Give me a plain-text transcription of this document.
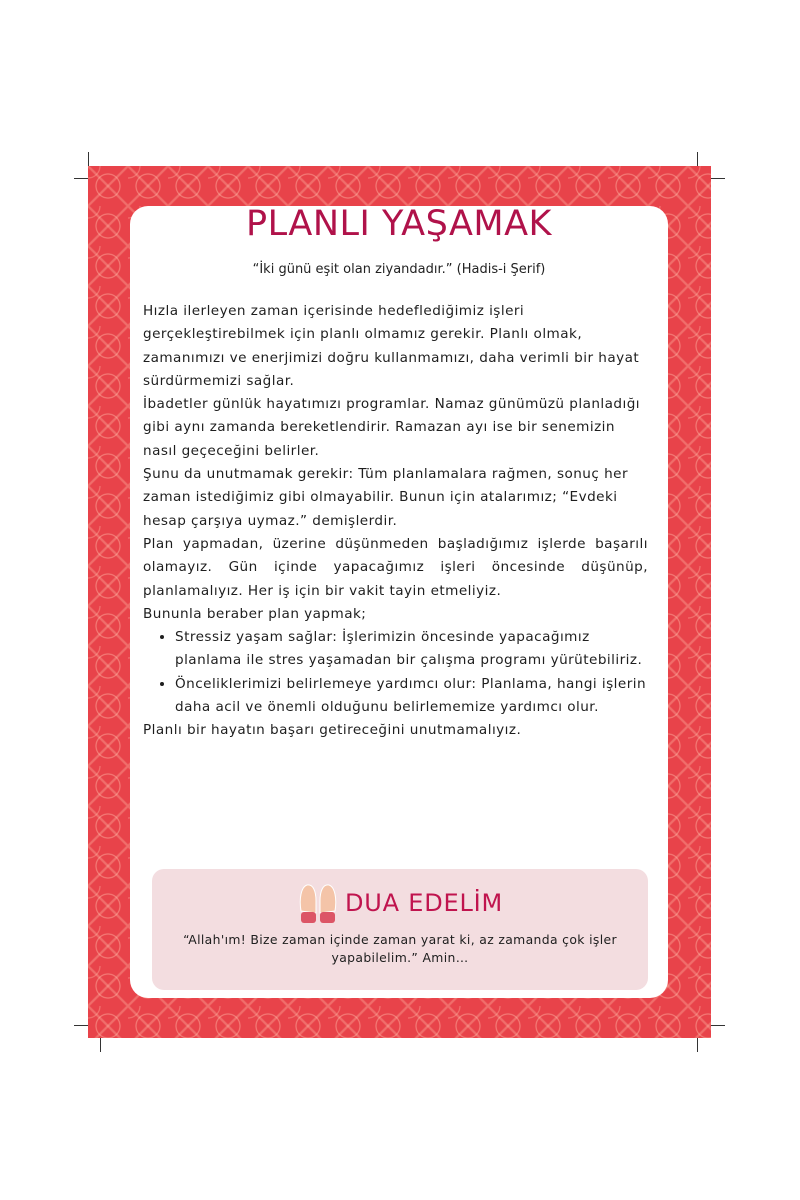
PLANLI YAŞAMAK
“İki günü eşit olan ziyandadır.” (Hadis-i Şerif)

Hızla ilerleyen zaman içerisinde hedeflediğimiz işleri gerçekleştirebilmek için planlı olmamız gerekir. Planlı olmak, zamanımızı ve enerjimizi doğru kullanmamızı, daha verimli bir hayat sürdürmemizi sağlar.

İbadetler günlük hayatımızı programlar. Namaz günümüzü planladığı gibi aynı zamanda bereketlendirir. Ramazan ayı ise bir senemizin nasıl geçeceğini belirler.

Şunu da unutmamak gerekir: Tüm planlamalara rağmen, sonuç her zaman istediğimiz gibi olmayabilir. Bunun için atalarımız; “Evdeki hesap çarşıya uymaz.” demişlerdir.

Plan yapmadan, üzerine düşünmeden başladığımız işlerde başarılı olamayız. Gün içinde yapacağımız işleri öncesinde düşünüp, planlamalıyız. Her iş için bir vakit tayin etmeliyiz.

Bununla beraber plan yapmak;

• Stressiz yaşam sağlar: İşlerimizin öncesinde yapacağımız planlama ile stres yaşamadan bir çalışma programı yürütebiliriz.
• Önceliklerimizi belirlemeye yardımcı olur: Planlama, hangi işlerin daha acil ve önemli olduğunu belirlememize yardımcı olur.

Planlı bir hayatın başarı getireceğini unutmamalıyız.

DUA EDELİM
“Allah'ım! Bize zaman içinde zaman yarat ki, az zamanda çok işler yapabilelim.” Amin…
